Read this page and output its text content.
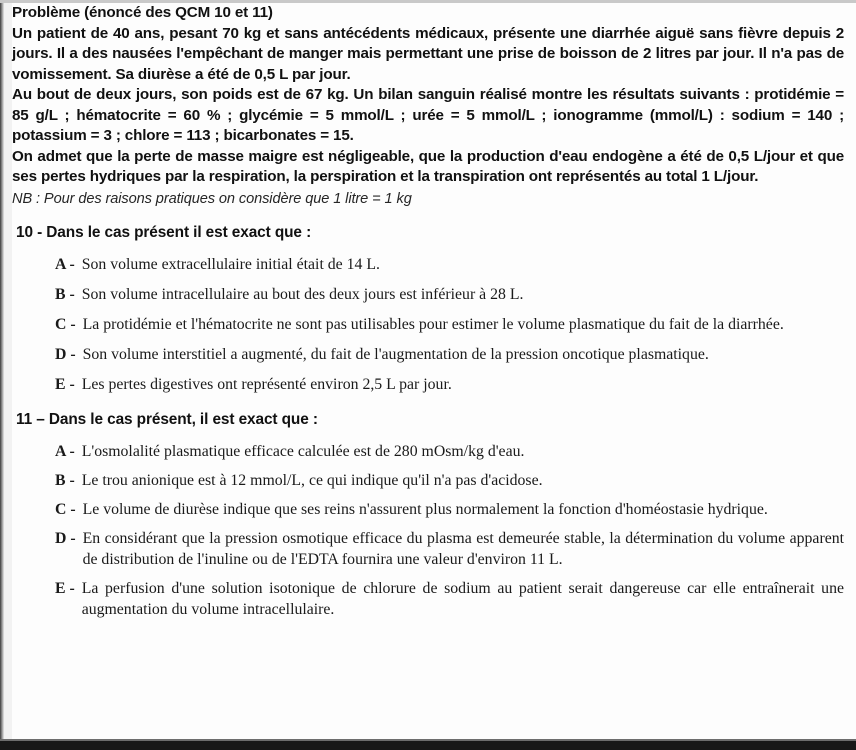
Problème (énoncé des QCM 10 et 11)

Un patient de 40 ans, pesant 70 kg et sans antécédents médicaux, présente une diarrhée aiguë sans fièvre depuis 2 jours. Il a des nausées l'empêchant de manger mais permettant une prise de boisson de 2 litres par jour. Il n'a pas de vomissement. Sa diurèse a été de 0,5 L par jour.

Au bout de deux jours, son poids est de 67 kg. Un bilan sanguin réalisé montre les résultats suivants : protidémie = 85 g/L ; hématocrite = 60 % ; glycémie = 5 mmol/L ; urée = 5 mmol/L ; ionogramme (mmol/L) : sodium = 140 ; potassium = 3 ; chlore = 113 ; bicarbonates = 15.

On admet que la perte de masse maigre est négligeable, que la production d'eau endogène a été de 0,5 L/jour et que ses pertes hydriques par la respiration, la perspiration et la transpiration ont représentés au total 1 L/jour.

NB : Pour des raisons pratiques on considère que 1 litre = 1 kg

10 - Dans le cas présent il est exact que :
A - Son volume extracellulaire initial était de 14 L.
B - Son volume intracellulaire au bout des deux jours est inférieur à 28 L.
C - La protidémie et l'hématocrite ne sont pas utilisables pour estimer le volume plasmatique du fait de la diarrhée.
D - Son volume interstitiel a augmenté, du fait de l'augmentation de la pression oncotique plasmatique.
E - Les pertes digestives ont représenté environ 2,5 L par jour.
11 – Dans le cas présent, il est exact que :
A - L'osmolalité plasmatique efficace calculée est de 280 mOsm/kg d'eau.
B - Le trou anionique est à 12 mmol/L, ce qui indique qu'il n'a pas d'acidose.
C - Le volume de diurèse indique que ses reins n'assurent plus normalement la fonction d'homéostasie hydrique.
D - En considérant que la pression osmotique efficace du plasma est demeurée stable, la détermination du volume apparent de distribution de l'inuline ou de l'EDTA fournira une valeur d'environ 11 L.
E - La perfusion d'une solution isotonique de chlorure de sodium au patient serait dangereuse car elle entraînerait une augmentation du volume intracellulaire.
